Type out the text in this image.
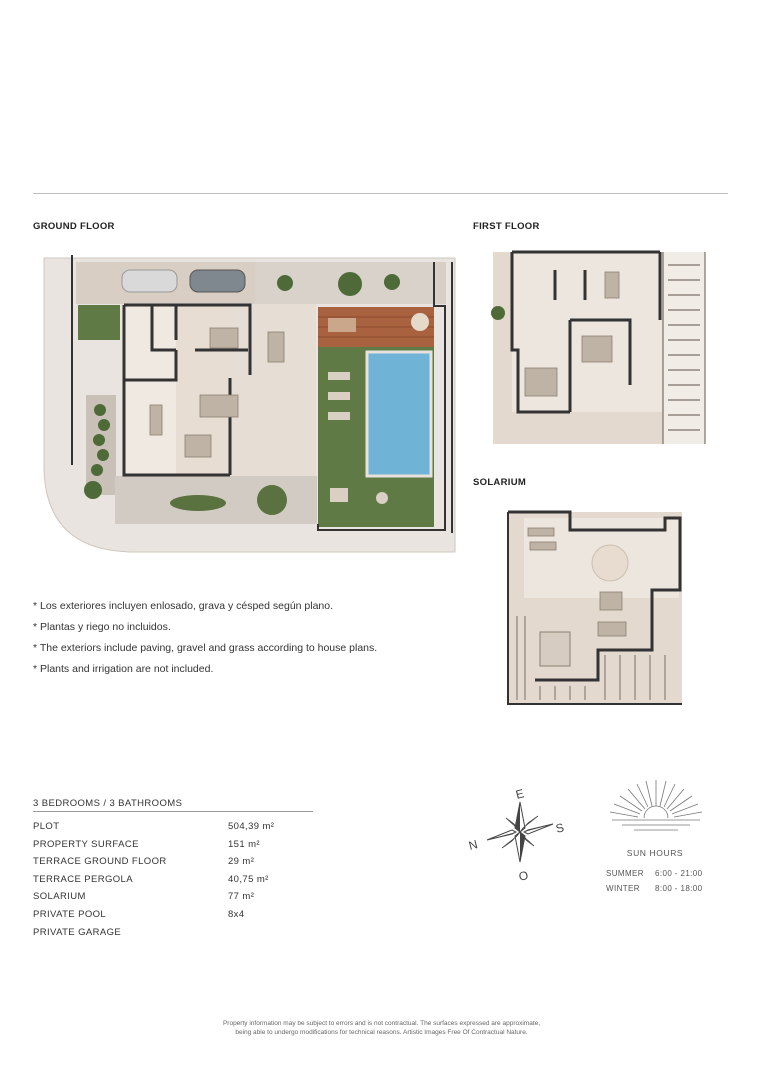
GROUND FLOOR	FIRST FLOOR
SOLARIUM
* Los exteriores incluyen enlosado, grava y césped según plano.
* Plantas y riego no incluidos.
* The exteriors include paving, gravel and grass according to house plans.
* Plants and irrigation are not included.
3 BEDROOMS / 3 BATHROOMS
PLOT	504,39 m²
PROPERTY SURFACE	151 m²
TERRACE GROUND FLOOR	29 m²
TERRACE PERGOLA	40,75 m²
SOLARIUM	77 m²
PRIVATE POOL	8x4
PRIVATE GARAGE
E
N
S
O
SUN HOURS
SUMMER 6:00 - 21:00
WINTER 8:00 - 18:00
Property information may be subject to errors and is not contractual. The surfaces expressed are approximate,
being able to undergo modifications for technical reasons. Artistic Images Free Of Contractual Nature.
